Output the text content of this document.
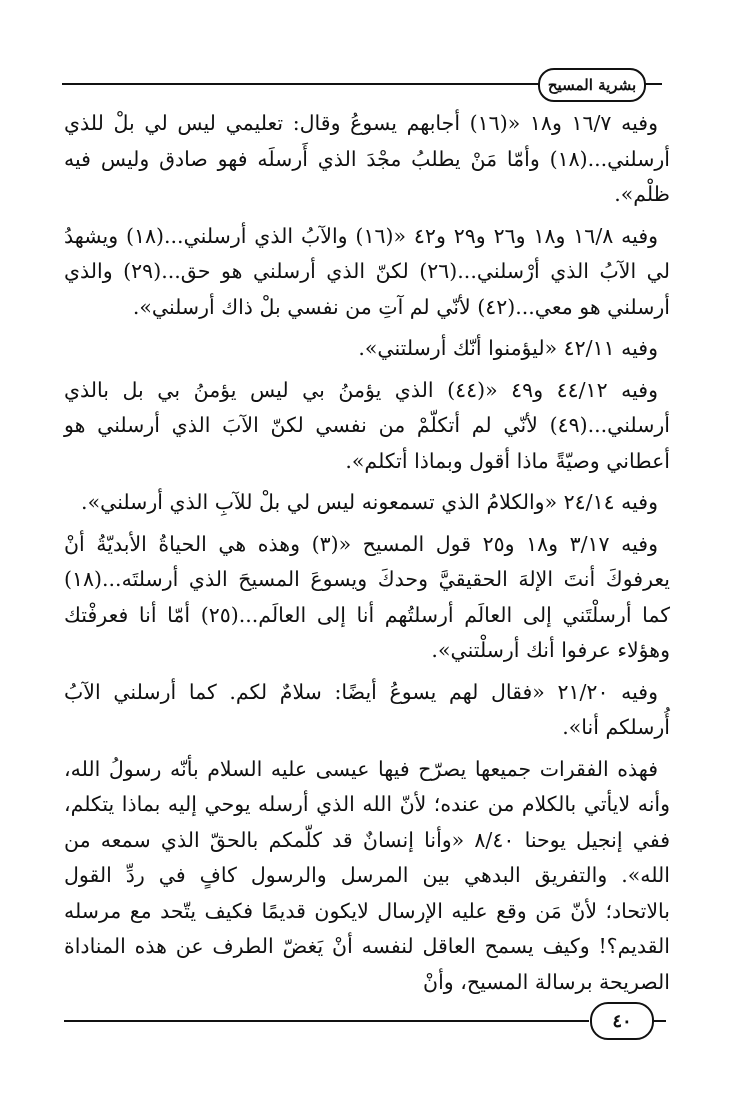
بشرية المسيح

وفيه ١٦/٧ و١٨ «(١٦) أجابهم يسوعُ وقال: تعليمي ليس لي بلْ للذي أرسلني...(١٨) وأمّا مَنْ يطلبُ مجْدَ الذي أَرسلَه فهو صادق وليس فيه ظلْم».

وفيه ١٦/٨ و١٨ و٢٦ و٢٩ و٤٢ «(١٦) والآبُ الذي أرسلني...(١٨) ويشهدُ لي الآبُ الذي أرْسلني...(٢٦) لكنّ الذي أرسلني هو حق...(٢٩) والذي أرسلني هو معي...(٤٢) لأنّي لم آتِ من نفسي بلْ ذاك أرسلني».

وفيه ٤٢/١١ «ليؤمنوا أنّك أرسلتني».

وفيه ٤٤/١٢ و٤٩ «(٤٤) الذي يؤمنُ بي ليس يؤمنُ بي بل بالذي أرسلني...(٤٩) لأنّي لم أتكلّمْ من نفسي لكنّ الآبَ الذي أرسلني هو أعطاني وصيّةً ماذا أقول وبماذا أتكلم».

وفيه ٢٤/١٤ «والكلامُ الذي تسمعونه ليس لي بلْ للآبِ الذي أرسلني».

وفيه ٣/١٧ و١٨ و٢٥ قول المسيح «(٣) وهذه هي الحياةُ الأبديّةُ أنْ يعرفوكَ أنتَ الإلهَ الحقيقيَّ وحدكَ ويسوعَ المسيحَ الذي أرسلتَه...(١٨) كما أرسلْتَني إلى العالَم أرسلتُهم أنا إلى العالَم...(٢٥) أمّا أنا فعرفْتك وهؤلاء عرفوا أنك أرسلْتني».

وفيه ٢١/٢٠ «فقال لهم يسوعُ أيضًا: سلامٌ لكم. كما أرسلني الآبُ أُرسلكم أنا».

فهذه الفقرات جميعها يصرّح فيها عيسى عليه السلام بأنّه رسولُ الله، وأنه لايأتي بالكلام من عنده؛ لأنّ الله الذي أرسله يوحي إليه بماذا يتكلم، ففي إنجيل يوحنا ٨/٤٠ «وأنا إنسانٌ قد كلّمكم بالحقّ الذي سمعه من الله». والتفريق البدهي بين المرسل والرسول كافٍ في ردِّ القول بالاتحاد؛ لأنّ مَن وقع عليه الإرسال لايكون قديمًا فكيف يتّحد مع مرسله القديم؟! وكيف يسمح العاقل لنفسه أنْ يَغضّ الطرف عن هذه المناداة الصريحة برسالة المسيح، وأنْ

٤٠
